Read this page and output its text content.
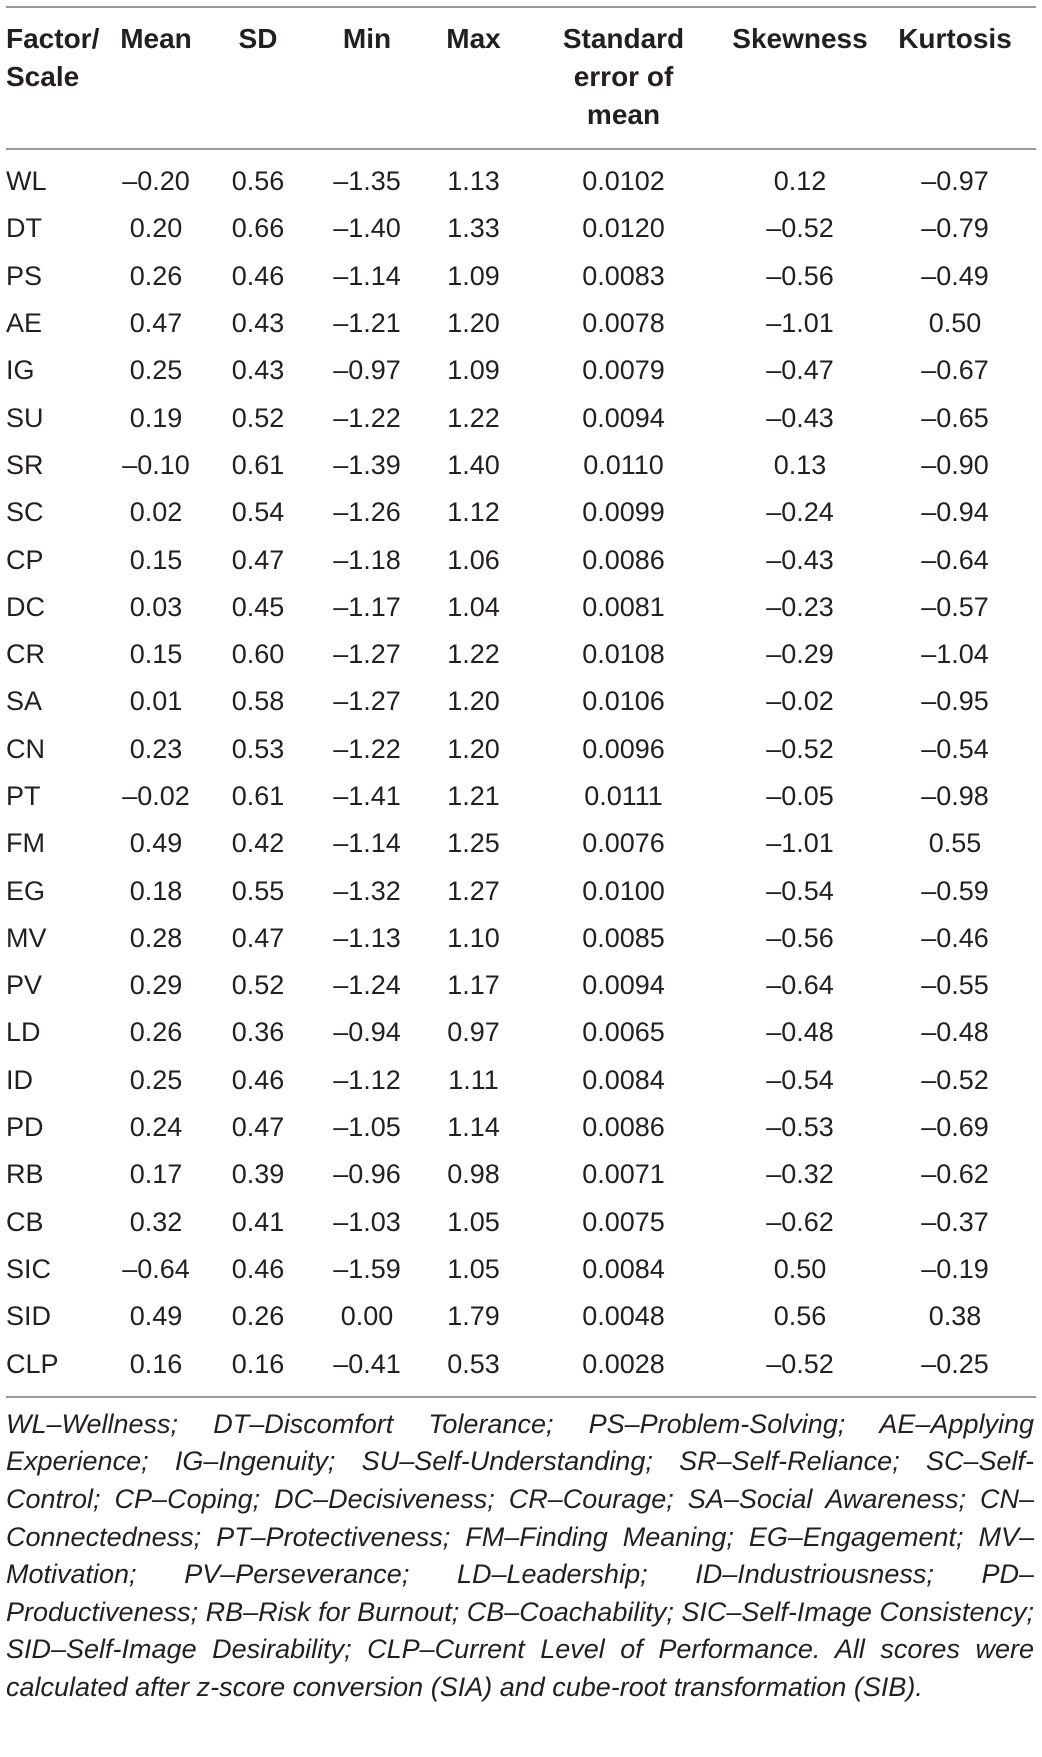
Factor/ Scale	Mean	SD	Min	Max	Standard error of mean	Skewness	Kurtosis
WL	–0.20	0.56	–1.35	1.13	0.0102	0.12	–0.97
DT	0.20	0.66	–1.40	1.33	0.0120	–0.52	–0.79
PS	0.26	0.46	–1.14	1.09	0.0083	–0.56	–0.49
AE	0.47	0.43	–1.21	1.20	0.0078	–1.01	0.50
IG	0.25	0.43	–0.97	1.09	0.0079	–0.47	–0.67
SU	0.19	0.52	–1.22	1.22	0.0094	–0.43	–0.65
SR	–0.10	0.61	–1.39	1.40	0.0110	0.13	–0.90
SC	0.02	0.54	–1.26	1.12	0.0099	–0.24	–0.94
CP	0.15	0.47	–1.18	1.06	0.0086	–0.43	–0.64
DC	0.03	0.45	–1.17	1.04	0.0081	–0.23	–0.57
CR	0.15	0.60	–1.27	1.22	0.0108	–0.29	–1.04
SA	0.01	0.58	–1.27	1.20	0.0106	–0.02	–0.95
CN	0.23	0.53	–1.22	1.20	0.0096	–0.52	–0.54
PT	–0.02	0.61	–1.41	1.21	0.0111	–0.05	–0.98
FM	0.49	0.42	–1.14	1.25	0.0076	–1.01	0.55
EG	0.18	0.55	–1.32	1.27	0.0100	–0.54	–0.59
MV	0.28	0.47	–1.13	1.10	0.0085	–0.56	–0.46
PV	0.29	0.52	–1.24	1.17	0.0094	–0.64	–0.55
LD	0.26	0.36	–0.94	0.97	0.0065	–0.48	–0.48
ID	0.25	0.46	–1.12	1.11	0.0084	–0.54	–0.52
PD	0.24	0.47	–1.05	1.14	0.0086	–0.53	–0.69
RB	0.17	0.39	–0.96	0.98	0.0071	–0.32	–0.62
CB	0.32	0.41	–1.03	1.05	0.0075	–0.62	–0.37
SIC	–0.64	0.46	–1.59	1.05	0.0084	0.50	–0.19
SID	0.49	0.26	0.00	1.79	0.0048	0.56	0.38
CLP	0.16	0.16	–0.41	0.53	0.0028	–0.52	–0.25
WL–Wellness; DT–Discomfort Tolerance; PS–Problem-Solving; AE–Applying Experience; IG–Ingenuity; SU–Self-Understanding; SR–Self-Reliance; SC–Self-Control; CP–Coping; DC–Decisiveness; CR–Courage; SA–Social Awareness; CN–Connectedness; PT–Protectiveness; FM–Finding Meaning; EG–Engagement; MV–Motivation; PV–Perseverance; LD–Leadership; ID–Industriousness; PD–Productiveness; RB–Risk for Burnout; CB–Coachability; SIC–Self-Image Consistency; SID–Self-Image Desirability; CLP–Current Level of Performance. All scores were calculated after z-score conversion (SIA) and cube-root transformation (SIB).							
